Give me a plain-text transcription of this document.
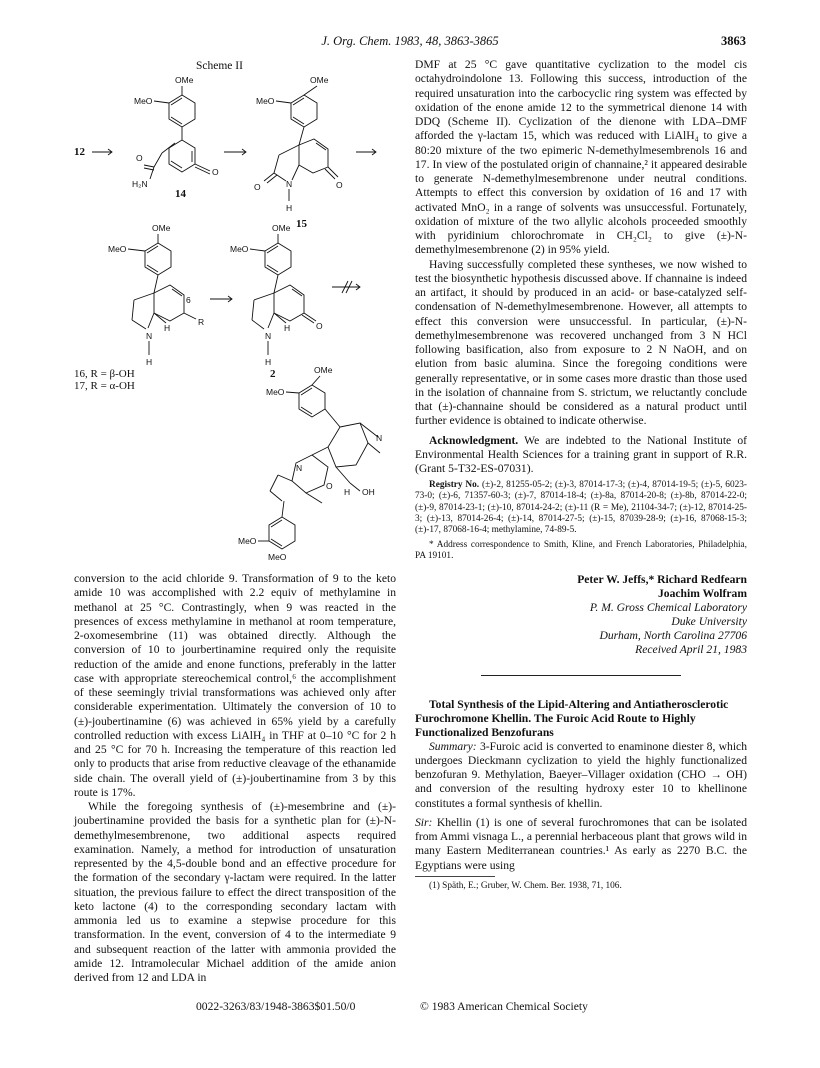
J. Org. Chem. 1983, 48, 3863-3865	3863
Scheme II
12
OMe
MeO
O
O
H₂N
14
OMe
MeO
O
O	N
H
15
OMe
MeO
6
R
N
H
H
16, R = β-OH
17, R = α-OH
OMe
MeO
O
N
H
H
2	OMe
MeO
N
O
N
H OH
MeO
MeO

conversion to the acid chloride 9. Transformation of 9 to the keto amide 10 was accomplished with 2.2 equiv of methylamine in methanol at 25 °C. Contrastingly, when 9 was reacted in the presences of excess methylamine in methanol at room temperature, 2-oxomesembrine (11) was obtained directly. Although the conversion of 10 to jourbertinamine required only the requisite reduction of the amide and enone functions, preferably in the latter case with appropriate stereochemical control,⁶ the accomplishment of these seemingly trivial transformations was achieved only after considerable experimentation. Ultimately the conversion of 10 to (±)-joubertinamine (6) was achieved in 65% yield by a carefully controlled reduction with excess LiAlH₄ in THF at 0–10 °C for 2 h and 25 °C for 70 h. Increasing the temperature of this reaction led only to products that arise from reductive cleavage of the ethanamide side chain. The overall yield of (±)-joubertinamine from 3 by this route is 17%.

While the foregoing synthesis of (±)-mesembrine and (±)-joubertinamine provided the basis for a synthetic plan for (±)-N-demethylmesembrenone, two additional aspects required examination. Namely, a method for introduction of unsaturation represented by the 4,5-double bond and an effective procedure for the formation of the secondary γ-lactam were required. In the latter situation, the previous failure to effect the direct transposition of the keto lactone (4) to the corresponding secondary lactam with ammonia led us to examine a stepwise procedure for this transformation. In the event, conversion of 4 to the intermediate 9 and subsequent reaction of the latter with ammonia provided the amide 12. Intramolecular Michael addition of the amide anion derived from 12 and LDA in

DMF at 25 °C gave quantitative cyclization to the model cis octahydroindolone 13. Following this success, introduction of the required unsaturation into the carbocyclic ring system was effected by oxidation of the enone amide 12 to the symmetrical dienone 14 with DDQ (Scheme II). Cyclization of the dienone with LDA–DMF afforded the γ-lactam 15, which was reduced with LiAlH₄ to give a 80:20 mixture of the two epimeric N-demethylmesembrenols 16 and 17. In view of the postulated origin of channaine,² it appeared desirable to generate N-demethylmesembrenone under neutral conditions. Attempts to effect this conversion by oxidation of 16 and 17 with activated MnO₂ in a range of solvents was unsuccessful. Fortunately, oxidation of mixture of the two allylic alcohols proceeded smoothly with pyridinium chlorochromate in CH₂Cl₂ to give (±)-N-demethylmesembrenone (2) in 95% yield.

Having successfully completed these syntheses, we now wished to test the biosynthetic hypothesis discussed above. If channaine is indeed an artifact, it should by produced in an acid- or base-catalyzed self-condensation of N-demethylmesembrenone. However, all attempts to effect this conversion were unsuccessful. In particular, (±)-N-demethylmesembrenone was recovered unchanged from 3 N HCl following basification, also from exposure to 2 N NaOH, and on elution from basic alumina. Since the foregoing conditions were generally representative, or in some cases more drastic than those used in the isolation of channaine from S. strictum, we reluctantly conclude that (±)-channaine should be considered as a natural product until further evidence is obtained to indicate otherwise.

Acknowledgment. We are indebted to the National Institute of Environmental Health Sciences for a training grant in support of R.R. (Grant 5-T32-ES-07031).

Registry No. (±)-2, 81255-05-2; (±)-3, 87014-17-3; (±)-4, 87014-19-5; (±)-5, 6023-73-0; (±)-6, 71357-60-3; (±)-7, 87014-18-4; (±)-8a, 87014-20-8; (±)-8b, 87014-22-0; (±)-9, 87014-23-1; (±)-10, 87014-24-2; (±)-11 (R = Me), 21104-34-7; (±)-12, 87014-25-3; (±)-13, 87014-26-4; (±)-14, 87014-27-5; (±)-15, 87039-28-9; (±)-16, 87068-15-3; (±)-17, 87068-16-4; methylamine, 74-89-5.
* Address correspondence to Smith, Kline, and French Laboratories, Philadelphia, PA 19101.
Peter W. Jeffs,* Richard Redfearn
Joachim Wolfram
P. M. Gross Chemical Laboratory
Duke University
Durham, North Carolina 27706
Received April 21, 1983

Total Synthesis of the Lipid-Altering and Antiatherosclerotic Furochromone Khellin. The Furoic Acid Route to Highly Functionalized Benzofurans

Summary: 3-Furoic acid is converted to enaminone diester 8, which undergoes Dieckmann cyclization to yield the highly functionalized benzofuran 9. Methylation, Baeyer–Villager oxidation (CHO → OH) and conversion of the resulting hydroxy ester 10 to khellinone constitutes a formal synthesis of khellin.

Sir: Khellin (1) is one of several furochromones that can be isolated from Ammi visnaga L., a perennial herbaceous plant that grows wild in many Eastern Mediterranean countries.¹ As early as 2270 B.C. the Egyptians were using

(1) Späth, E.; Gruber, W. Chem. Ber. 1938, 71, 106.
0022-3263/83/1948-3863$01.50/0	© 1983 American Chemical Society
